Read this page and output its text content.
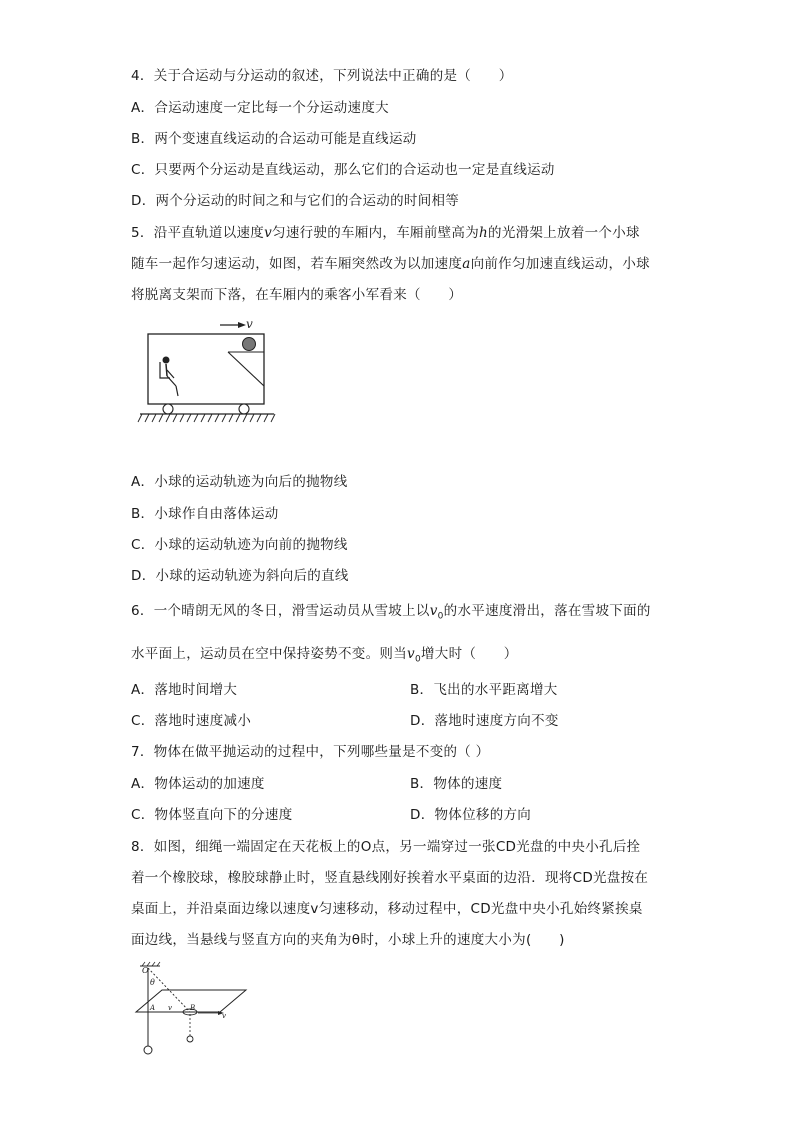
4．关于合运动与分运动的叙述，下列说法中正确的是（　　）
A．合运动速度一定比每一个分运动速度大
B．两个变速直线运动的合运动可能是直线运动
C．只要两个分运动是直线运动，那么它们的合运动也一定是直线运动
D．两个分运动的时间之和与它们的合运动的时间相等
5．沿平直轨道以速度v匀速行驶的车厢内，车厢前壁高为h的光滑架上放着一个小球
随车一起作匀速运动，如图，若车厢突然改为以加速度a向前作匀加速直线运动，小球
将脱离支架而下落，在车厢内的乘客小军看来（　　）
v
A．小球的运动轨迹为向后的抛物线
B．小球作自由落体运动
C．小球的运动轨迹为向前的抛物线
D．小球的运动轨迹为斜向后的直线
6．一个晴朗无风的冬日，滑雪运动员从雪坡上以$v_0$的水平速度滑出，落在雪坡下面的
水平面上，运动员在空中保持姿势不变。则当$v_0$增大时（　　）
A．落地时间增大	B．飞出的水平距离增大
C．落地时速度减小	D．落地时速度方向不变
7．物体在做平抛运动的过程中，下列哪些量是不变的（ ）
A．物体运动的加速度	B．物体的速度
C．物体竖直向下的分速度	D．物体位移的方向
8．如图，细绳一端固定在天花板上的O点，另一端穿过一张CD光盘的中央小孔后拴
着一个橡胶球，橡胶球静止时，竖直悬线刚好挨着水平桌面的边沿．现将CD光盘按在
桌面上，并沿桌面边缘以速度v匀速移动，移动过程中，CD光盘中央小孔始终紧挨桌
面边线，当悬线与竖直方向的夹角为θ时，小球上升的速度大小为(　　)
O
θ
A	B
v
v
